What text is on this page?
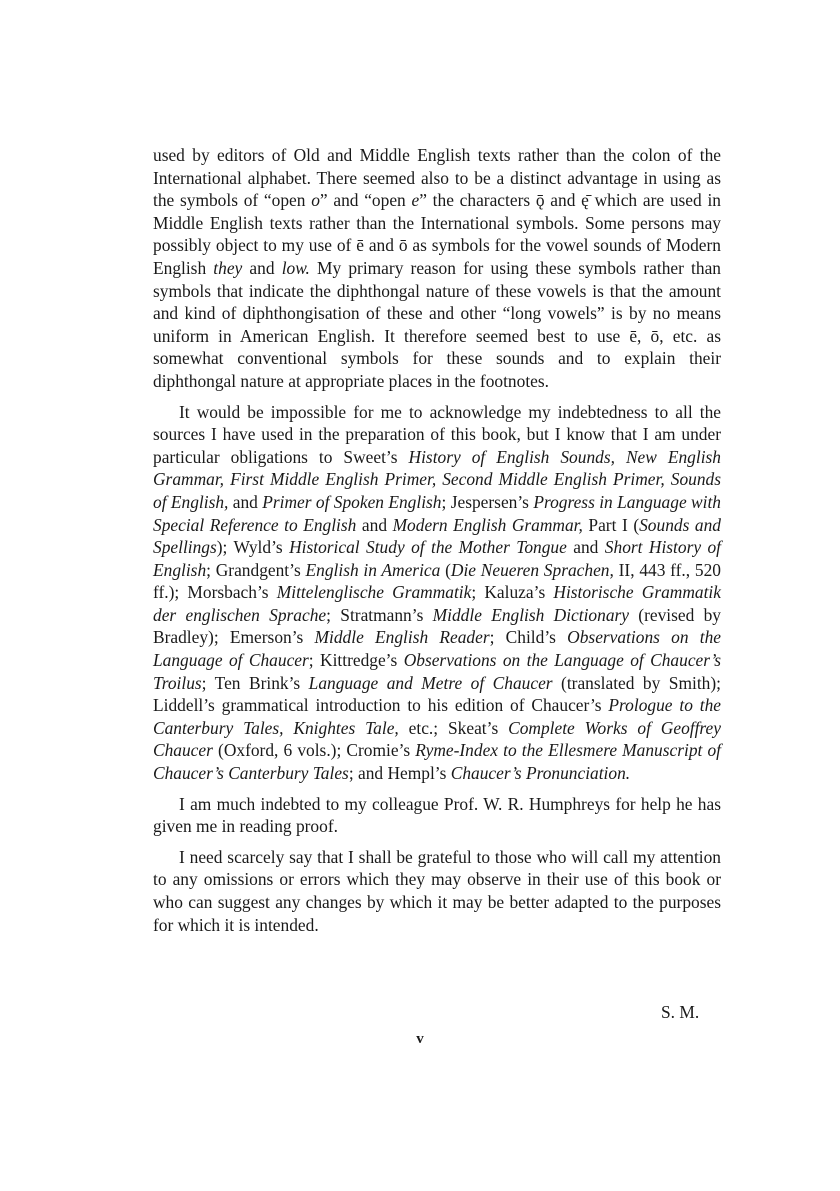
used by editors of Old and Middle English texts rather than the colon of the International alphabet. There seemed also to be a distinct advantage in using as the symbols of “open o” and “open e” the characters ǭ and ę̄ which are used in Middle English texts rather than the International symbols. Some persons may possibly object to my use of ē and ō as symbols for the vowel sounds of Modern English they and low. My primary reason for using these symbols rather than symbols that indicate the diphthongal nature of these vowels is that the amount and kind of diphthongisation of these and other “long vowels” is by no means uniform in American English. It therefore seemed best to use ē, ō, etc. as somewhat conventional symbols for these sounds and to explain their diphthongal nature at appropriate places in the footnotes.

It would be impossible for me to acknowledge my indebtedness to all the sources I have used in the preparation of this book, but I know that I am under particular obligations to Sweet’s History of English Sounds, New English Grammar, First Middle English Primer, Second Middle English Primer, Sounds of English, and Primer of Spoken English; Jespersen’s Progress in Language with Special Reference to English and Modern English Grammar, Part I (Sounds and Spellings); Wyld’s Historical Study of the Mother Tongue and Short History of English; Grandgent’s English in America (Die Neueren Sprachen, II, 443 ff., 520 ff.); Morsbach’s Mittelenglische Grammatik; Kaluza’s Historische Grammatik der englischen Sprache; Stratmann’s Middle English Dictionary (revised by Bradley); Emerson’s Middle English Reader; Child’s Observations on the Language of Chaucer; Kittredge’s Observations on the Language of Chaucer’s Troilus; Ten Brink’s Language and Metre of Chaucer (translated by Smith); Liddell’s grammatical introduction to his edition of Chaucer’s Prologue to the Canterbury Tales, Knightes Tale, etc.; Skeat’s Complete Works of Geoffrey Chaucer (Oxford, 6 vols.); Cromie’s Ryme-Index to the Ellesmere Manuscript of Chaucer’s Canterbury Tales; and Hempl’s Chaucer’s Pronunciation.

I am much indebted to my colleague Prof. W. R. Humphreys for help he has given me in reading proof.

I need scarcely say that I shall be grateful to those who will call my attention to any omissions or errors which they may observe in their use of this book or who can suggest any changes by which it may be better adapted to the purposes for which it is intended.

S. M.
v
